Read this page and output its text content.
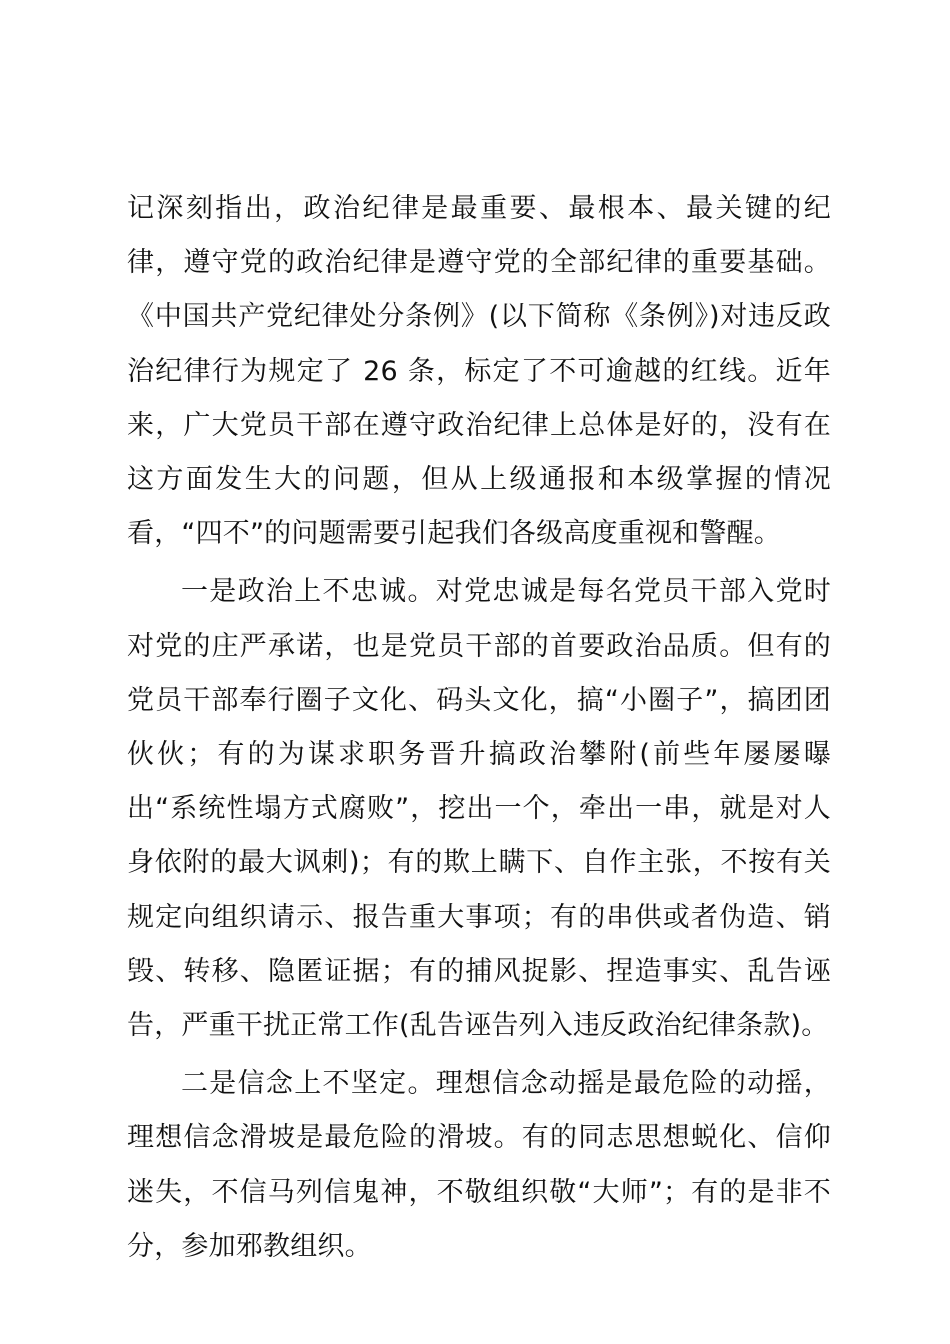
记深刻指出，政治纪律是最重要、最根本、最关键的纪律，遵守党的政治纪律是遵守党的全部纪律的重要基础。《中国共产党纪律处分条例》(以下简称《条例》)对违反政治纪律行为规定了 26 条，标定了不可逾越的红线。近年来，广大党员干部在遵守政治纪律上总体是好的，没有在这方面发生大的问题，但从上级通报和本级掌握的情况看，“四不”的问题需要引起我们各级高度重视和警醒。

一是政治上不忠诚。对党忠诚是每名党员干部入党时对党的庄严承诺，也是党员干部的首要政治品质。但有的党员干部奉行圈子文化、码头文化，搞“小圈子”，搞团团伙伙；有的为谋求职务晋升搞政治攀附(前些年屡屡曝出“系统性塌方式腐败”，挖出一个，牵出一串，就是对人身依附的最大讽刺)；有的欺上瞒下、自作主张，不按有关规定向组织请示、报告重大事项；有的串供或者伪造、销毁、转移、隐匿证据；有的捕风捉影、捏造事实、乱告诬告，严重干扰正常工作(乱告诬告列入违反政治纪律条款)。

二是信念上不坚定。理想信念动摇是最危险的动摇，理想信念滑坡是最危险的滑坡。有的同志思想蜕化、信仰迷失，不信马列信鬼神，不敬组织敬“大师”；有的是非不分，参加邪教组织。
